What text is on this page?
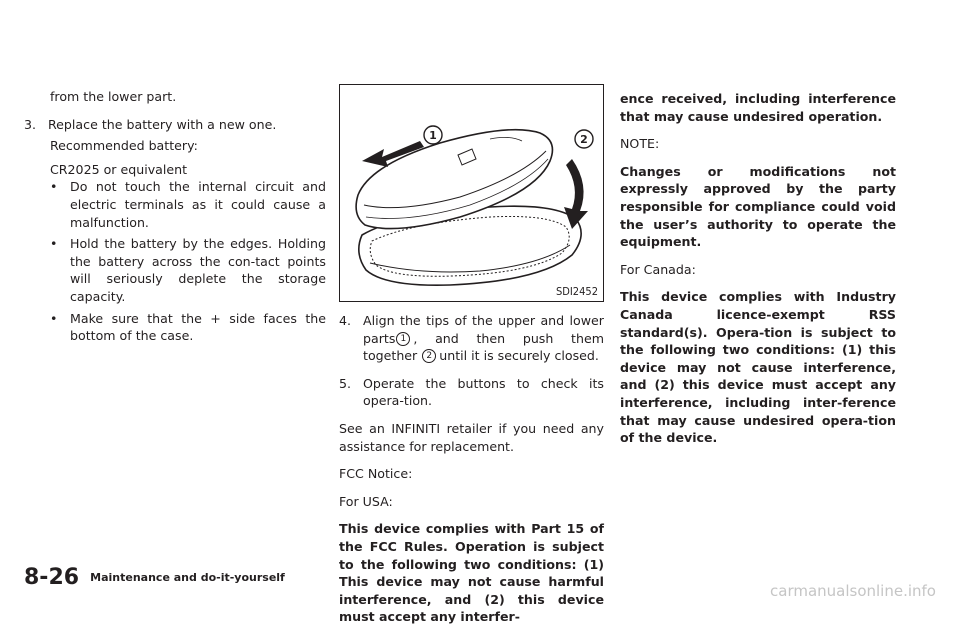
from the lower part.
3. Replace the battery with a new one.
Recommended battery:
CR2025 or equivalent
• Do not touch the internal circuit and electric terminals as it could cause a malfunction.
• Hold the battery by the edges. Holding the battery across the con-tact points will seriously deplete the storage capacity.
• Make sure that the + side faces the bottom of the case.
1	2
SDI2452
4. Align the tips of the upper and lower parts 1 , and then push them together 2 until it is securely closed.
5. Operate the buttons to check its opera-tion.
See an INFINITI retailer if you need any assistance for replacement.
FCC Notice:
For USA:
This device complies with Part 15 of the FCC Rules. Operation is subject to the following two conditions: (1) This device may not cause harmful interference, and (2) this device must accept any interfer-
ence received, including interference that may cause undesired operation.
NOTE:
Changes or modifications not expressly approved by the party responsible for compliance could void the user’s authority to operate the equipment.
For Canada:
This device complies with Industry Canada licence-exempt RSS standard(s). Opera-tion is subject to the following two conditions: (1) this device may not cause interference, and (2) this device must accept any interference, including inter-ference that may cause undesired opera-tion of the device.
8-26 Maintenance and do-it-yourself
carmanualsonline.info
